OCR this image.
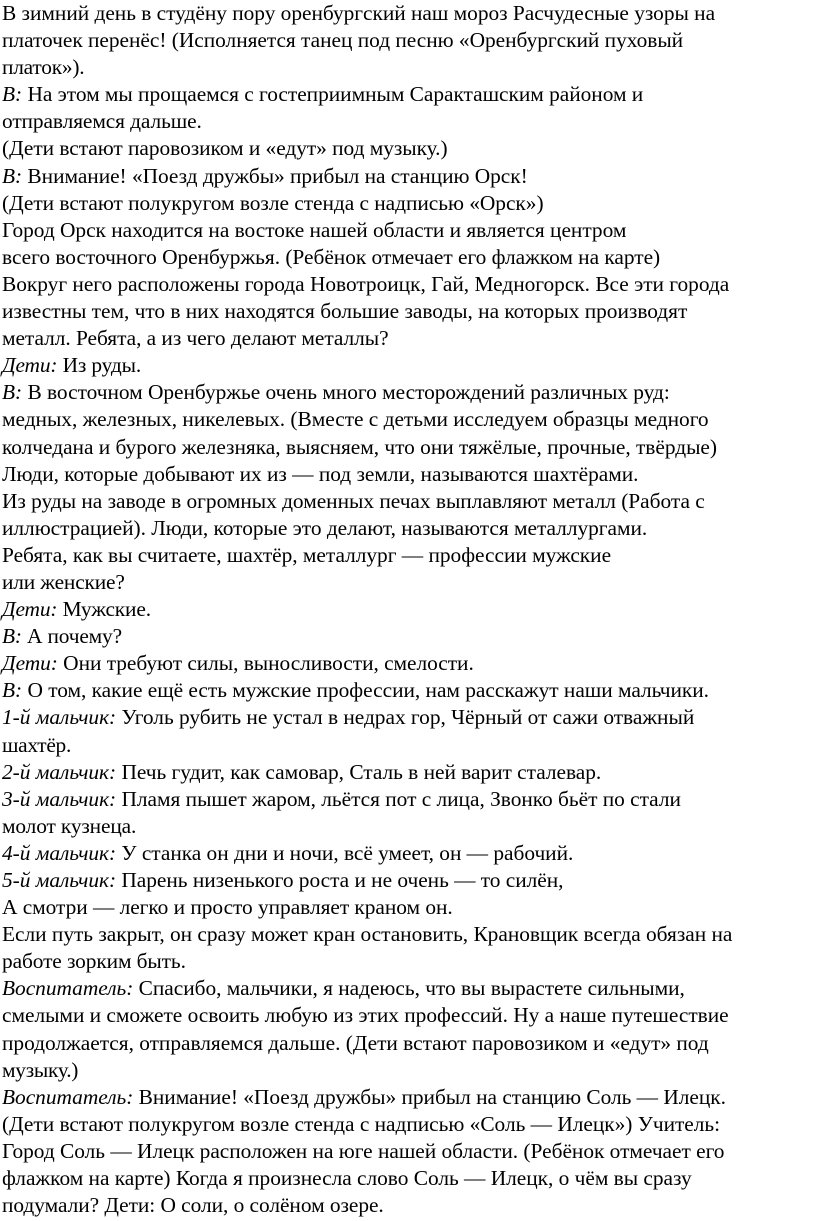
В зимний день в студёну пору оренбургский наш мороз Расчудесные узоры на
платочек перенёс! (Исполняется танец под песню «Оренбургский пуховый
платок»).
В: На этом мы прощаемся с гостеприимным Саракташским районом и
отправляемся дальше.
(Дети встают паровозиком и «едут» под музыку.)
В: Внимание! «Поезд дружбы» прибыл на станцию Орск!
(Дети встают полукругом возле стенда с надписью «Орск»)
Город Орск находится на востоке нашей области и является центром
всего восточного Оренбуржья. (Ребёнок отмечает его флажком на карте)
Вокруг него расположены города Новотроицк, Гай, Медногорск. Все эти города
известны тем, что в них находятся большие заводы, на которых производят
металл. Ребята, а из чего делают металлы?
Дети: Из руды.
В: В восточном Оренбуржье очень много месторождений различных руд:
медных, железных, никелевых. (Вместе с детьми исследуем образцы медного
колчедана и бурого железняка, выясняем, что они тяжёлые, прочные, твёрдые)
Люди, которые добывают их из — под земли, называются шахтёрами.
Из руды на заводе в огромных доменных печах выплавляют металл (Работа с
иллюстрацией). Люди, которые это делают, называются металлургами.
Ребята, как вы считаете, шахтёр, металлург — профессии мужские
или женские?
Дети: Мужские.
В: А почему?
Дети: Они требуют силы, выносливости, смелости.
В: О том, какие ещё есть мужские профессии, нам расскажут наши мальчики.
1-й мальчик: Уголь рубить не устал в недрах гор, Чёрный от сажи отважный
шахтёр.
2-й мальчик: Печь гудит, как самовар, Сталь в ней варит сталевар.
3-й мальчик: Пламя пышет жаром, льётся пот с лица, Звонко бьёт по стали
молот кузнеца.
4-й мальчик: У станка он дни и ночи, всё умеет, он — рабочий.
5-й мальчик: Парень низенького роста и не очень — то силён,
А смотри — легко и просто управляет краном он.
Если путь закрыт, он сразу может кран остановить, Крановщик всегда обязан на
работе зорким быть.
Воспитатель: Спасибо, мальчики, я надеюсь, что вы вырастете сильными,
смелыми и сможете освоить любую из этих профессий. Ну а наше путешествие
продолжается, отправляемся дальше. (Дети встают паровозиком и «едут» под
музыку.)
Воспитатель: Внимание! «Поезд дружбы» прибыл на станцию Соль — Илецк.
(Дети встают полукругом возле стенда с надписью «Соль — Илецк») Учитель:
Город Соль — Илецк расположен на юге нашей области. (Ребёнок отмечает его
флажком на карте) Когда я произнесла слово Соль — Илецк, о чём вы сразу
подумали? Дети: О соли, о солёном озере.
